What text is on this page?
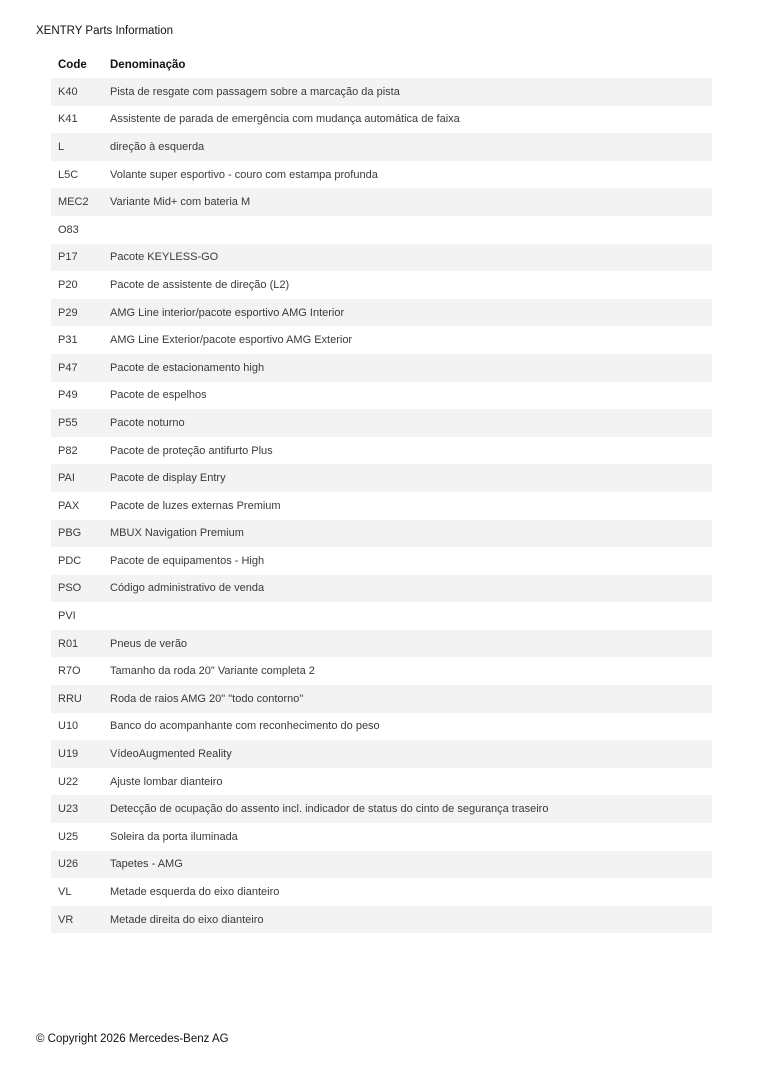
XENTRY Parts Information
Code	Denominação
K40	Pista de resgate com passagem sobre a marcação da pista
K41	Assistente de parada de emergência com mudança automática de faixa
L	direção à esquerda
L5C	Volante super esportivo - couro com estampa profunda
MEC2	Variante Mid+ com bateria M
O83	
P17	Pacote KEYLESS-GO
P20	Pacote de assistente de direção (L2)
P29	AMG Line interior/pacote esportivo AMG Interior
P31	AMG Line Exterior/pacote esportivo AMG Exterior
P47	Pacote de estacionamento high
P49	Pacote de espelhos
P55	Pacote noturno
P82	Pacote de proteção antifurto Plus
PAI	Pacote de display Entry
PAX	Pacote de luzes externas Premium
PBG	MBUX Navigation Premium
PDC	Pacote de equipamentos - High
PSO	Código administrativo de venda
PVI	
R01	Pneus de verão
R7O	Tamanho da roda 20" Variante completa 2
RRU	Roda de raios AMG 20" "todo contorno"
U10	Banco do acompanhante com reconhecimento do peso
U19	VídeoAugmented Reality
U22	Ajuste lombar dianteiro
U23	Detecção de ocupação do assento incl. indicador de status do cinto de segurança traseiro
U25	Soleira da porta iluminada
U26	Tapetes - AMG
VL	Metade esquerda do eixo dianteiro
VR	Metade direita do eixo dianteiro
© Copyright 2026 Mercedes-Benz AG
